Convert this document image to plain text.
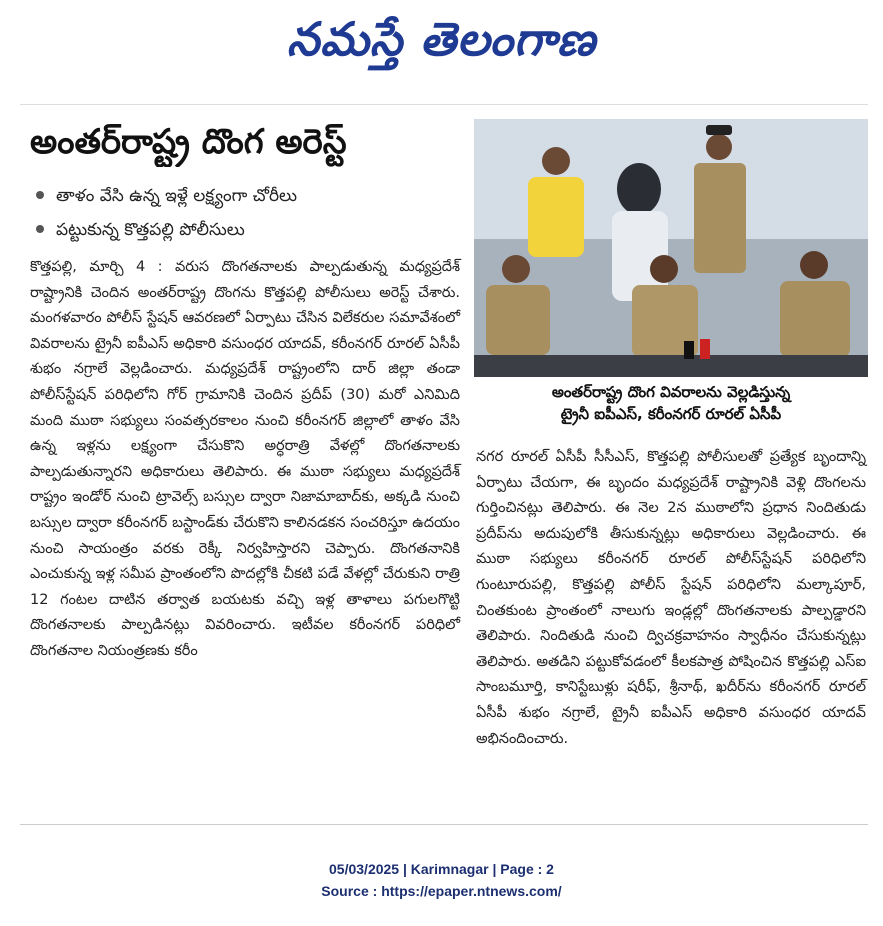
నమస్తే తెలంగాణ
అంతర్‌రాష్ట్ర దొంగ అరెస్ట్
తాళం వేసి ఉన్న ఇళ్లే లక్ష్యంగా చోరీలు
పట్టుకున్న కొత్తపల్లి పోలీసులు

కొత్తపల్లి, మార్చి 4 : వరుస దొంగతనాలకు పాల్పడుతున్న మధ్యప్రదేశ్ రాష్ట్రానికి చెందిన అంతర్‌రాష్ట్ర దొంగను కొత్తపల్లి పోలీసులు అరెస్ట్ చేశారు. మంగళవారం పోలీస్ స్టేషన్ ఆవరణలో ఏర్పాటు చేసిన విలేకరుల సమావేశంలో వివరాలను ట్రైనీ ఐపీఎస్ అధికారి వసుంధర యాదవ్, కరీంనగర్ రూరల్ ఏసీపీ శుభం నగ్రాలే వెల్లడించారు. మధ్యప్రదేశ్ రాష్ట్రంలోని దార్ జిల్లా తండా పోలీస్‌స్టేషన్ పరిధిలోని గోర్ గ్రామానికి చెందిన ప్రదీప్ (30) మరో ఎనిమిది మంది ముఠా సభ్యులు సంవత్సరకాలం నుంచి కరీంనగర్ జిల్లాలో తాళం వేసి ఉన్న ఇళ్లను లక్ష్యంగా చేసుకొని అర్ధరాత్రి వేళల్లో దొంగతనాలకు పాల్పడుతున్నారని అధికారులు తెలిపారు. ఈ ముఠా సభ్యులు మధ్యప్రదేశ్ రాష్ట్రం ఇండోర్ నుంచి ట్రావెల్స్ బస్సుల ద్వారా నిజామాబాద్‌కు, అక్కడి నుంచి బస్సుల ద్వారా కరీంనగర్ బస్టాండ్‌కు చేరుకొని కాలినడకన సంచరిస్తూ ఉదయం నుంచి సాయంత్రం వరకు రెక్కీ నిర్వహిస్తారని చెప్పారు. దొంగతనానికి ఎంచుకున్న ఇళ్ల సమీప ప్రాంతంలోని పొదల్లోకి చీకటి పడే వేళల్లో చేరుకుని రాత్రి 12 గంటల దాటిన తర్వాత బయటకు వచ్చి ఇళ్ల తాళాలు పగులగొట్టి దొంగతనాలకు పాల్పడినట్లు వివరించారు. ఇటీవల కరీంనగర్ పరిధిలో దొంగతనాల నియంత్రణకు కరీం

అంతర్‌రాష్ట్ర దొంగ వివరాలను వెల్లడిస్తున్న
ట్రైనీ ఐపీఎస్, కరీంనగర్ రూరల్ ఏసీపీ

నగర రూరల్ ఏసీపీ సీసీఎస్, కొత్తపల్లి పోలీసులతో ప్రత్యేక బృందాన్ని ఏర్పాటు చేయగా, ఈ బృందం మధ్యప్రదేశ్ రాష్ట్రానికి వెళ్లి దొంగలను గుర్తించినట్లు తెలిపారు. ఈ నెల 2న ముఠాలోని ప్రధాన నిందితుడు ప్రదీప్‌ను అదుపులోకి తీసుకున్నట్లు అధికారులు వెల్లడించారు. ఈ ముఠా సభ్యులు కరీంనగర్ రూరల్ పోలీస్‌స్టేషన్ పరిధిలోని గుంటూరుపల్లి, కొత్తపల్లి పోలీస్ స్టేషన్ పరిధిలోని మల్కాపూర్, చింతకుంట ప్రాంతంలో నాలుగు ఇండ్లల్లో దొంగతనాలకు పాల్పడ్డారని తెలిపారు. నిందితుడి నుంచి ద్విచక్రవాహనం స్వాధీనం చేసుకున్నట్లు తెలిపారు. అతడిని పట్టుకోవడంలో కీలకపాత్ర పోషించిన కొత్తపల్లి ఎస్ఐ సాంబమూర్తి, కానిస్టేబుళ్లు షరీఫ్, శ్రీనాథ్, ఖదీర్‌ను కరీంనగర్ రూరల్ ఏసీపీ శుభం నగ్రాలే, ట్రైనీ ఐపీఎస్ అధికారి వసుంధర యాదవ్ అభినందించారు.

05/03/2025 | Karimnagar | Page : 2
Source : https://epaper.ntnews.com/
